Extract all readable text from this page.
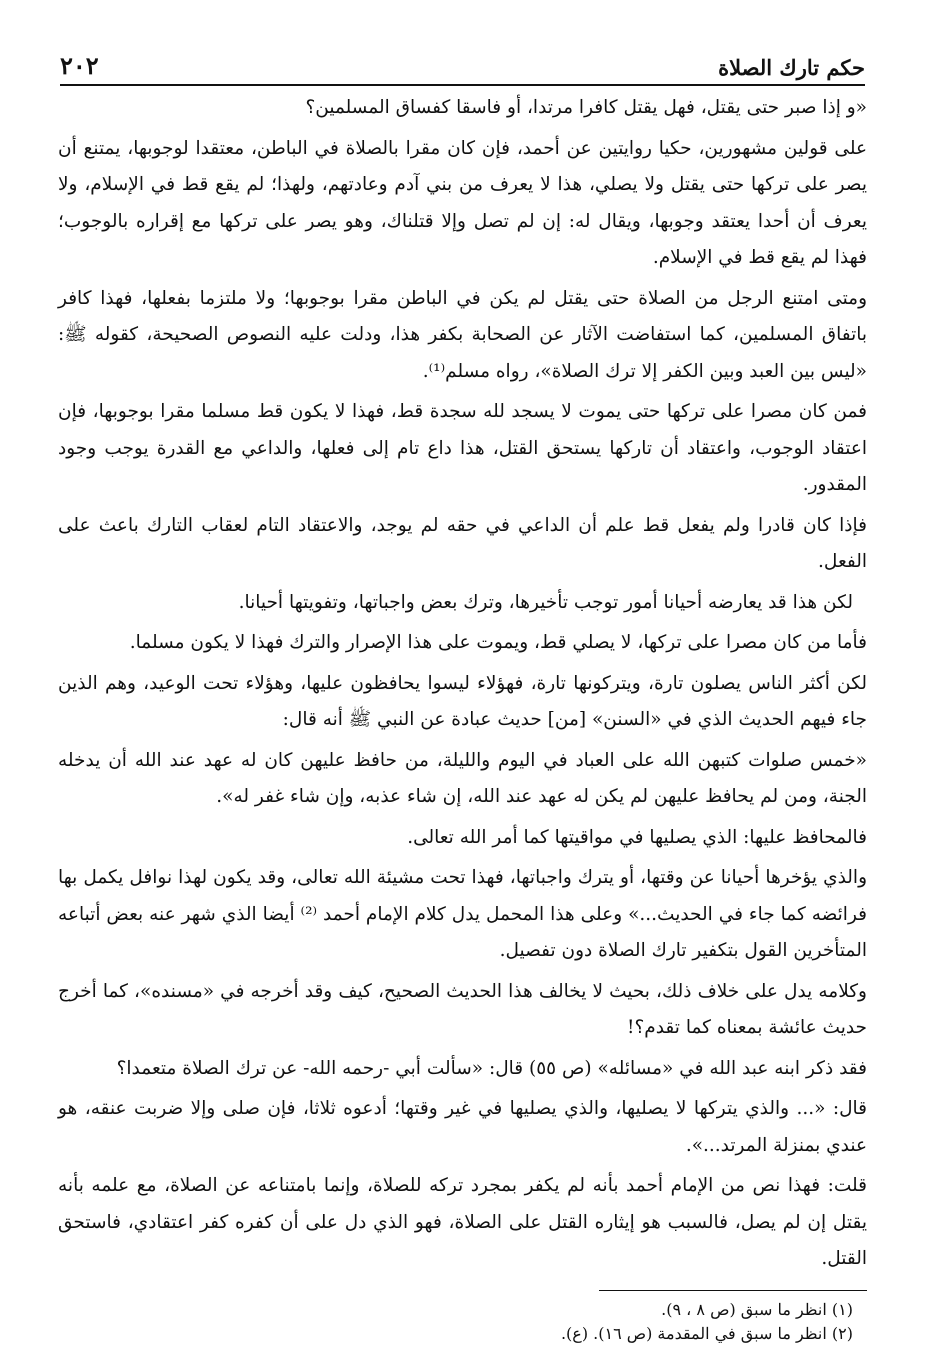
حكم تارك الصلاة
٢٠٢

«و إذا صبر حتى يقتل، فهل يقتل كافرا مرتدا، أو فاسقا كفساق المسلمين؟

على قولين مشهورين، حكيا روايتين عن أحمد، فإن كان مقرا بالصلاة في الباطن، معتقدا لوجوبها، يمتنع أن يصر على تركها حتى يقتل ولا يصلي، هذا لا يعرف من بني آدم وعادتهم، ولهذا؛ لم يقع قط في الإسلام، ولا يعرف أن أحدا يعتقد وجوبها، ويقال له: إن لم تصل وإلا قتلناك، وهو يصر على تركها مع إقراره بالوجوب؛ فهذا لم يقع قط في الإسلام.

ومتى امتنع الرجل من الصلاة حتى يقتل لم يكن في الباطن مقرا بوجوبها؛ ولا ملتزما بفعلها، فهذا كافر باتفاق المسلمين، كما استفاضت الآثار عن الصحابة بكفر هذا، ودلت عليه النصوص الصحيحة، كقوله ﷺ: «ليس بين العبد وبين الكفر إلا ترك الصلاة»، رواه مسلم⁽¹⁾.

فمن كان مصرا على تركها حتى يموت لا يسجد لله سجدة قط، فهذا لا يكون قط مسلما مقرا بوجوبها، فإن اعتقاد الوجوب، واعتقاد أن تاركها يستحق القتل، هذا داع تام إلى فعلها، والداعي مع القدرة يوجب وجود المقدور.

فإذا كان قادرا ولم يفعل قط علم أن الداعي في حقه لم يوجد، والاعتقاد التام لعقاب التارك باعث على الفعل.

لكن هذا قد يعارضه أحيانا أمور توجب تأخيرها، وترك بعض واجباتها، وتفويتها أحيانا.

فأما من كان مصرا على تركها، لا يصلي قط، ويموت على هذا الإصرار والترك فهذا لا يكون مسلما.

لكن أكثر الناس يصلون تارة، ويتركونها تارة، فهؤلاء ليسوا يحافظون عليها، وهؤلاء تحت الوعيد، وهم الذين جاء فيهم الحديث الذي في «السنن» [من] حديث عبادة عن النبي ﷺ أنه قال:

«خمس صلوات كتبهن الله على العباد في اليوم والليلة، من حافظ عليهن كان له عهد عند الله أن يدخله الجنة، ومن لم يحافظ عليهن لم يكن له عهد عند الله، إن شاء عذبه، وإن شاء غفر له».

فالمحافظ عليها: الذي يصليها في مواقيتها كما أمر الله تعالى.

والذي يؤخرها أحيانا عن وقتها، أو يترك واجباتها، فهذا تحت مشيئة الله تعالى، وقد يكون لهذا نوافل يكمل بها فرائضه كما جاء في الحديث...» وعلى هذا المحمل يدل كلام الإمام أحمد ⁽²⁾ أيضا الذي شهر عنه بعض أتباعه المتأخرين القول بتكفير تارك الصلاة دون تفصيل.

وكلامه يدل على خلاف ذلك، بحيث لا يخالف هذا الحديث الصحيح، كيف وقد أخرجه في «مسنده»، كما أخرج حديث عائشة بمعناه كما تقدم؟!

فقد ذكر ابنه عبد الله في «مسائله» (ص ٥٥) قال: «سألت أبي -رحمه الله- عن ترك الصلاة متعمدا؟

قال: «... والذي يتركها لا يصليها، والذي يصليها في غير وقتها؛ أدعوه ثلاثا، فإن صلى وإلا ضربت عنقه، هو عندي بمنزلة المرتد...».

قلت: فهذا نص من الإمام أحمد بأنه لم يكفر بمجرد تركه للصلاة، وإنما بامتناعه عن الصلاة، مع علمه بأنه يقتل إن لم يصل، فالسبب هو إيثاره القتل على الصلاة، فهو الذي دل على أن كفره كفر اعتقادي، فاستحق القتل.

(١) انظر ما سبق (ص ٨ ، ٩).

(٢) انظر ما سبق في المقدمة (ص ١٦). (ع).
